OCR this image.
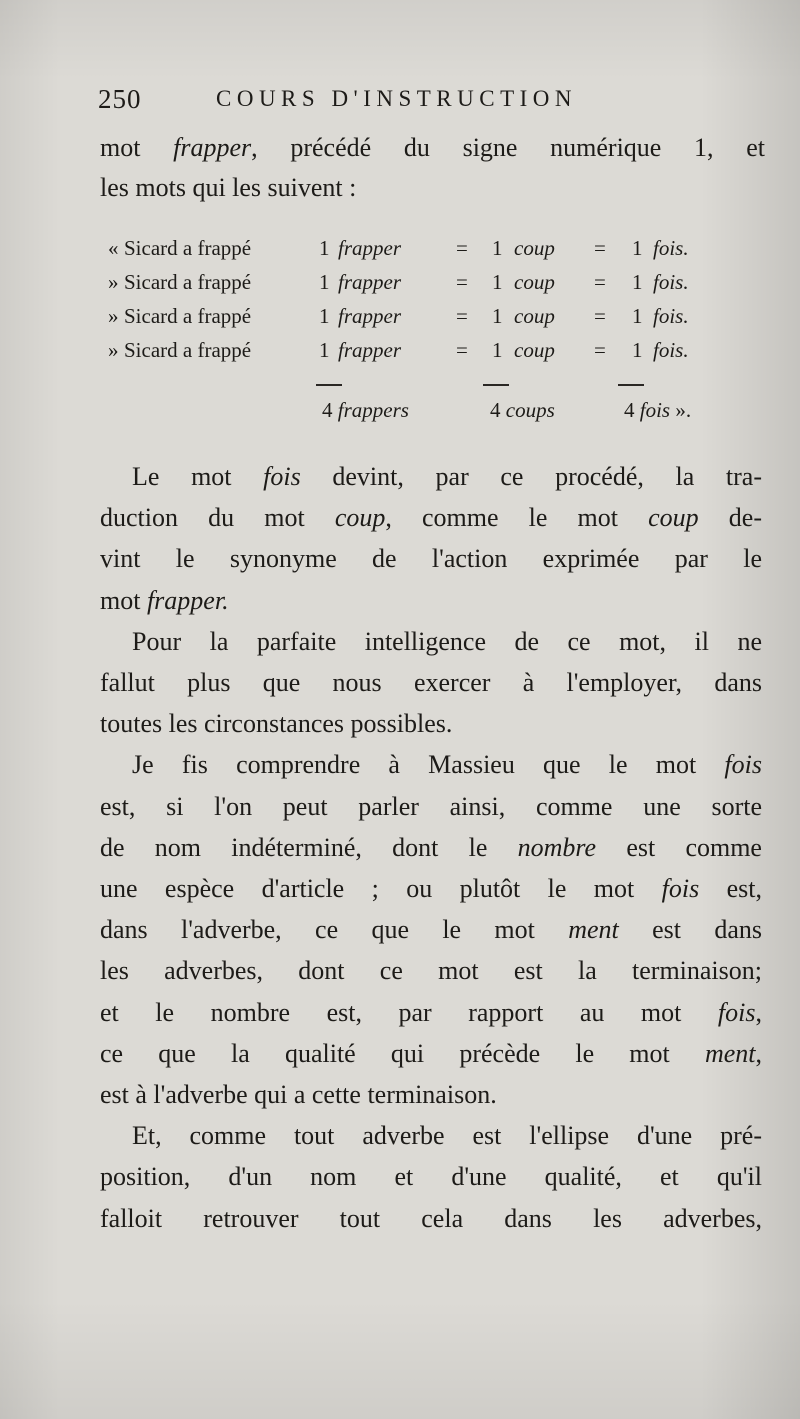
250	COURS D'INSTRUCTION
mot frapper, précédé du signe numérique 1, et
les mots qui les suivent :
« Sicard a frappé	1 frapper	= 1 coup = 1 fois.
» Sicard a frappé	1 frapper	= 1 coup = 1 fois.
» Sicard a frappé	1 frapper	= 1 coup = 1 fois.
» Sicard a frappé	1 frapper	= 1 coup = 1 fois.
4 frappers	4 coups	4 fois ».
Le mot fois devint, par ce procédé, la tra-
duction du mot coup, comme le mot coup de-
vint le synonyme de l'action exprimée par le
mot frapper.
Pour la parfaite intelligence de ce mot, il ne
fallut plus que nous exercer à l'employer, dans
toutes les circonstances possibles.
Je fis comprendre à Massieu que le mot fois
est, si l'on peut parler ainsi, comme une sorte
de nom indéterminé, dont le nombre est comme
une espèce d'article ; ou plutôt le mot fois est,
dans l'adverbe, ce que le mot ment est dans
les adverbes, dont ce mot est la terminaison;
et le nombre est, par rapport au mot fois,
ce que la qualité qui précède le mot ment,
est à l'adverbe qui a cette terminaison.
Et, comme tout adverbe est l'ellipse d'une pré-
position, d'un nom et d'une qualité, et qu'il
falloit retrouver tout cela dans les adverbes,
